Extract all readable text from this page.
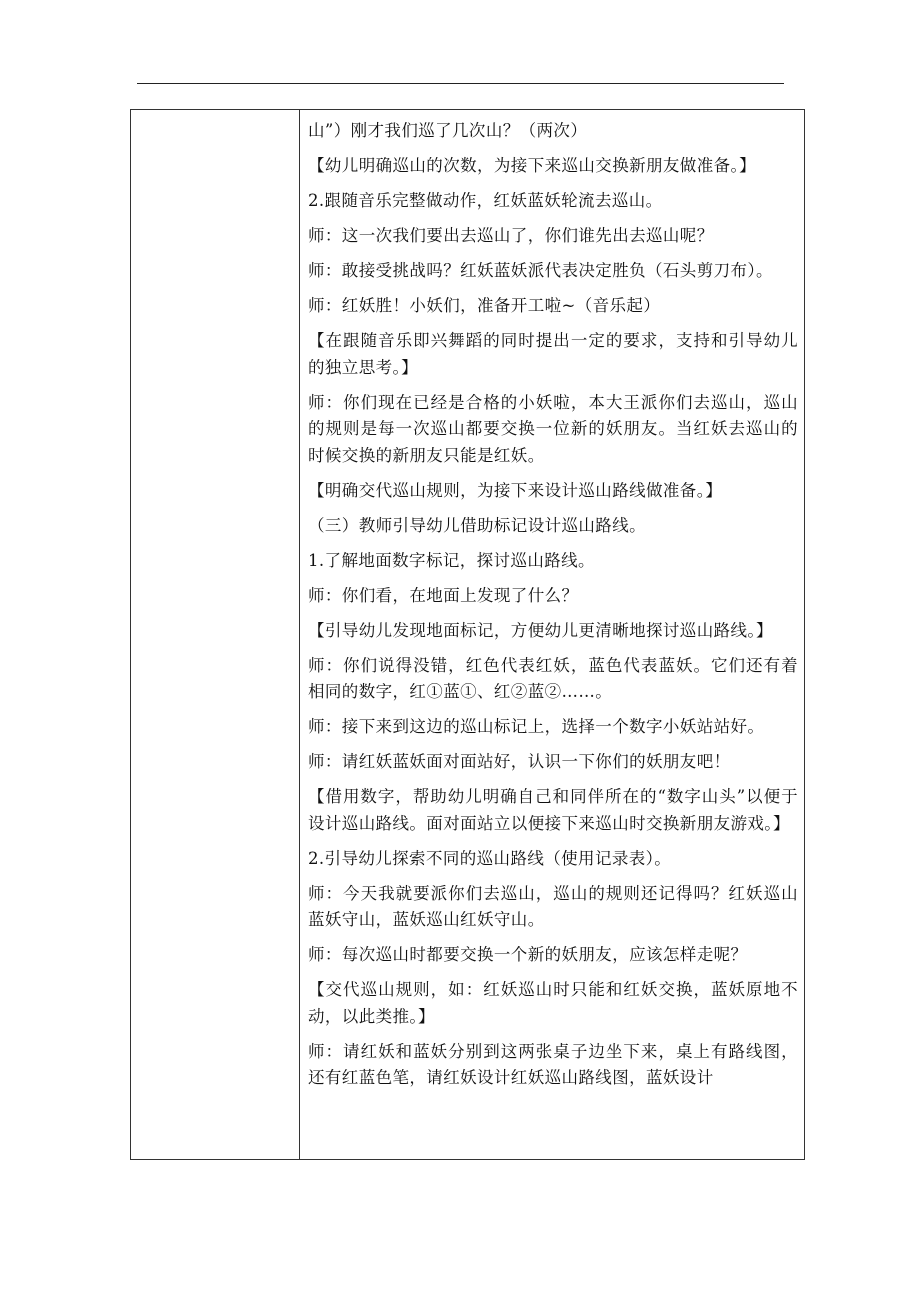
山”）刚才我们巡了几次山？（两次）

【幼儿明确巡山的次数，为接下来巡山交换新朋友做准备。】

2.跟随音乐完整做动作，红妖蓝妖轮流去巡山。

师：这一次我们要出去巡山了，你们谁先出去巡山呢？

师：敢接受挑战吗？红妖蓝妖派代表决定胜负（石头剪刀布）。

师：红妖胜！小妖们，准备开工啦~（音乐起）

【在跟随音乐即兴舞蹈的同时提出一定的要求，支持和引导幼儿的独立思考。】

师：你们现在已经是合格的小妖啦，本大王派你们去巡山，巡山的规则是每一次巡山都要交换一位新的妖朋友。当红妖去巡山的时候交换的新朋友只能是红妖。

【明确交代巡山规则，为接下来设计巡山路线做准备。】

（三）教师引导幼儿借助标记设计巡山路线。

1.了解地面数字标记，探讨巡山路线。

师：你们看，在地面上发现了什么？

【引导幼儿发现地面标记，方便幼儿更清晰地探讨巡山路线。】

师：你们说得没错，红色代表红妖，蓝色代表蓝妖。它们还有着相同的数字，红①蓝①、红②蓝②……。

师：接下来到这边的巡山标记上，选择一个数字小妖站站好。

师：请红妖蓝妖面对面站好，认识一下你们的妖朋友吧！

【借用数字，帮助幼儿明确自己和同伴所在的“数字山头”以便于设计巡山路线。面对面站立以便接下来巡山时交换新朋友游戏。】

2.引导幼儿探索不同的巡山路线（使用记录表）。

师：今天我就要派你们去巡山，巡山的规则还记得吗？红妖巡山蓝妖守山，蓝妖巡山红妖守山。

师：每次巡山时都要交换一个新的妖朋友，应该怎样走呢？

【交代巡山规则，如：红妖巡山时只能和红妖交换，蓝妖原地不动，以此类推。】

师：请红妖和蓝妖分别到这两张桌子边坐下来，桌上有路线图，还有红蓝色笔，请红妖设计红妖巡山路线图，蓝妖设计
